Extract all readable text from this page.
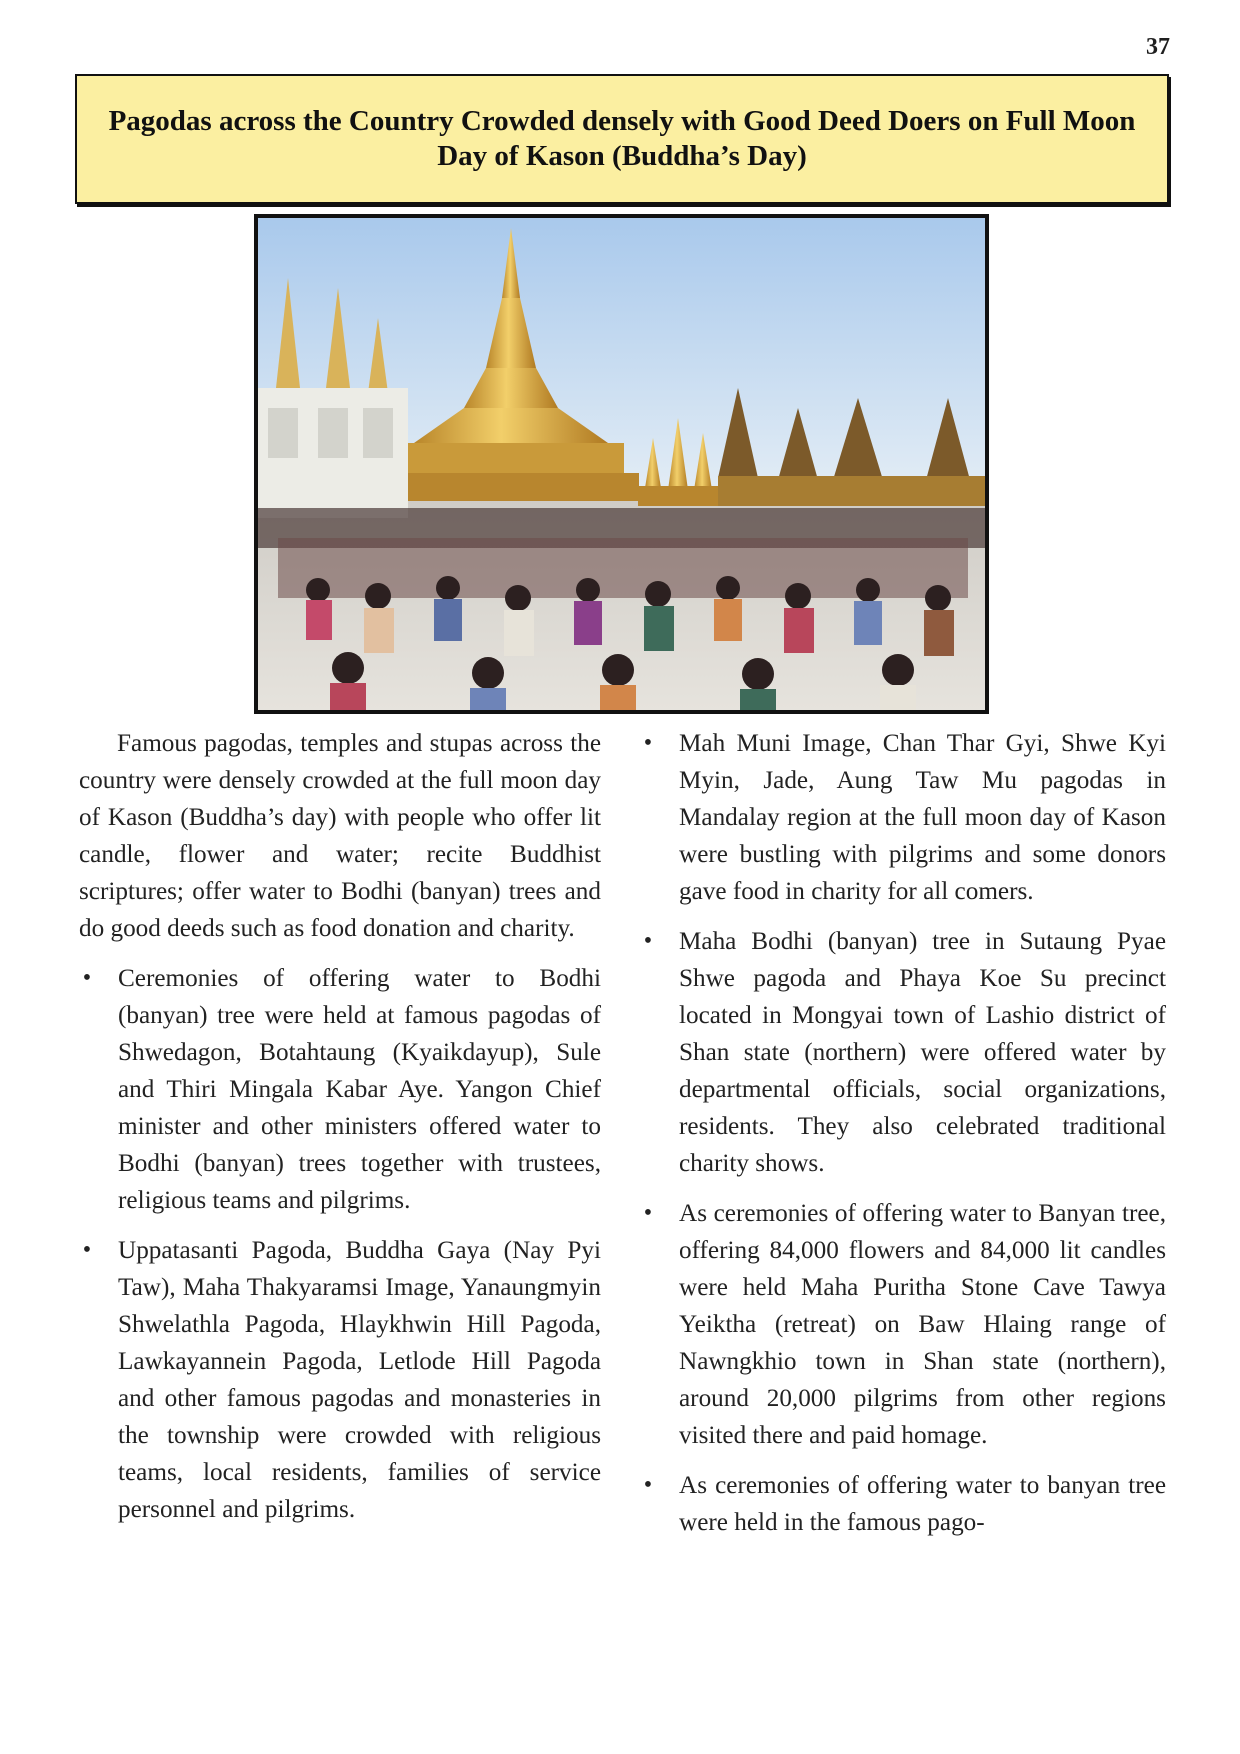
37
Pagodas across the Country Crowded densely with Good Deed Doers on Full Moon Day of Kason (Buddha’s Day)

Famous pagodas, temples and stupas across the country were densely crowded at the full moon day of Kason (Buddha’s day) with people who offer lit candle, flower and water; recite Buddhist scriptures; offer water to Bodhi (banyan) trees and do good deeds such as food donation and charity.

• Ceremonies of offering water to Bodhi (banyan) tree were held at famous pagodas of Shwedagon, Botahtaung (Kyaikdayup), Sule and Thiri Mingala Kabar Aye. Yangon Chief minister and other ministers offered water to Bodhi (banyan) trees together with trustees, religious teams and pilgrims.
• Uppatasanti Pagoda, Buddha Gaya (Nay Pyi Taw), Maha Thakyaramsi Image, Yanaungmyin Shwelathla Pagoda, Hlaykhwin Hill Pagoda, Lawkayannein Pagoda, Letlode Hill Pagoda and other famous pagodas and monasteries in the township were crowded with religious teams, local residents, families of service personnel and pilgrims.
• Mah Muni Image, Chan Thar Gyi, Shwe Kyi Myin, Jade, Aung Taw Mu pagodas in Mandalay region at the full moon day of Kason were bustling with pilgrims and some donors gave food in charity for all comers.
• Maha Bodhi (banyan) tree in Sutaung Pyae Shwe pagoda and Phaya Koe Su precinct located in Mongyai town of Lashio district of Shan state (northern) were offered water by departmental officials, social organizations, residents. They also celebrated traditional charity shows.
• As ceremonies of offering water to Banyan tree, offering 84,000 flowers and 84,000 lit candles were held Maha Puritha Stone Cave Tawya Yeiktha (retreat) on Baw Hlaing range of Nawngkhio town in Shan state (northern), around 20,000 pilgrims from other regions visited there and paid homage.
• As ceremonies of offering water to banyan tree were held in the famous pago-
